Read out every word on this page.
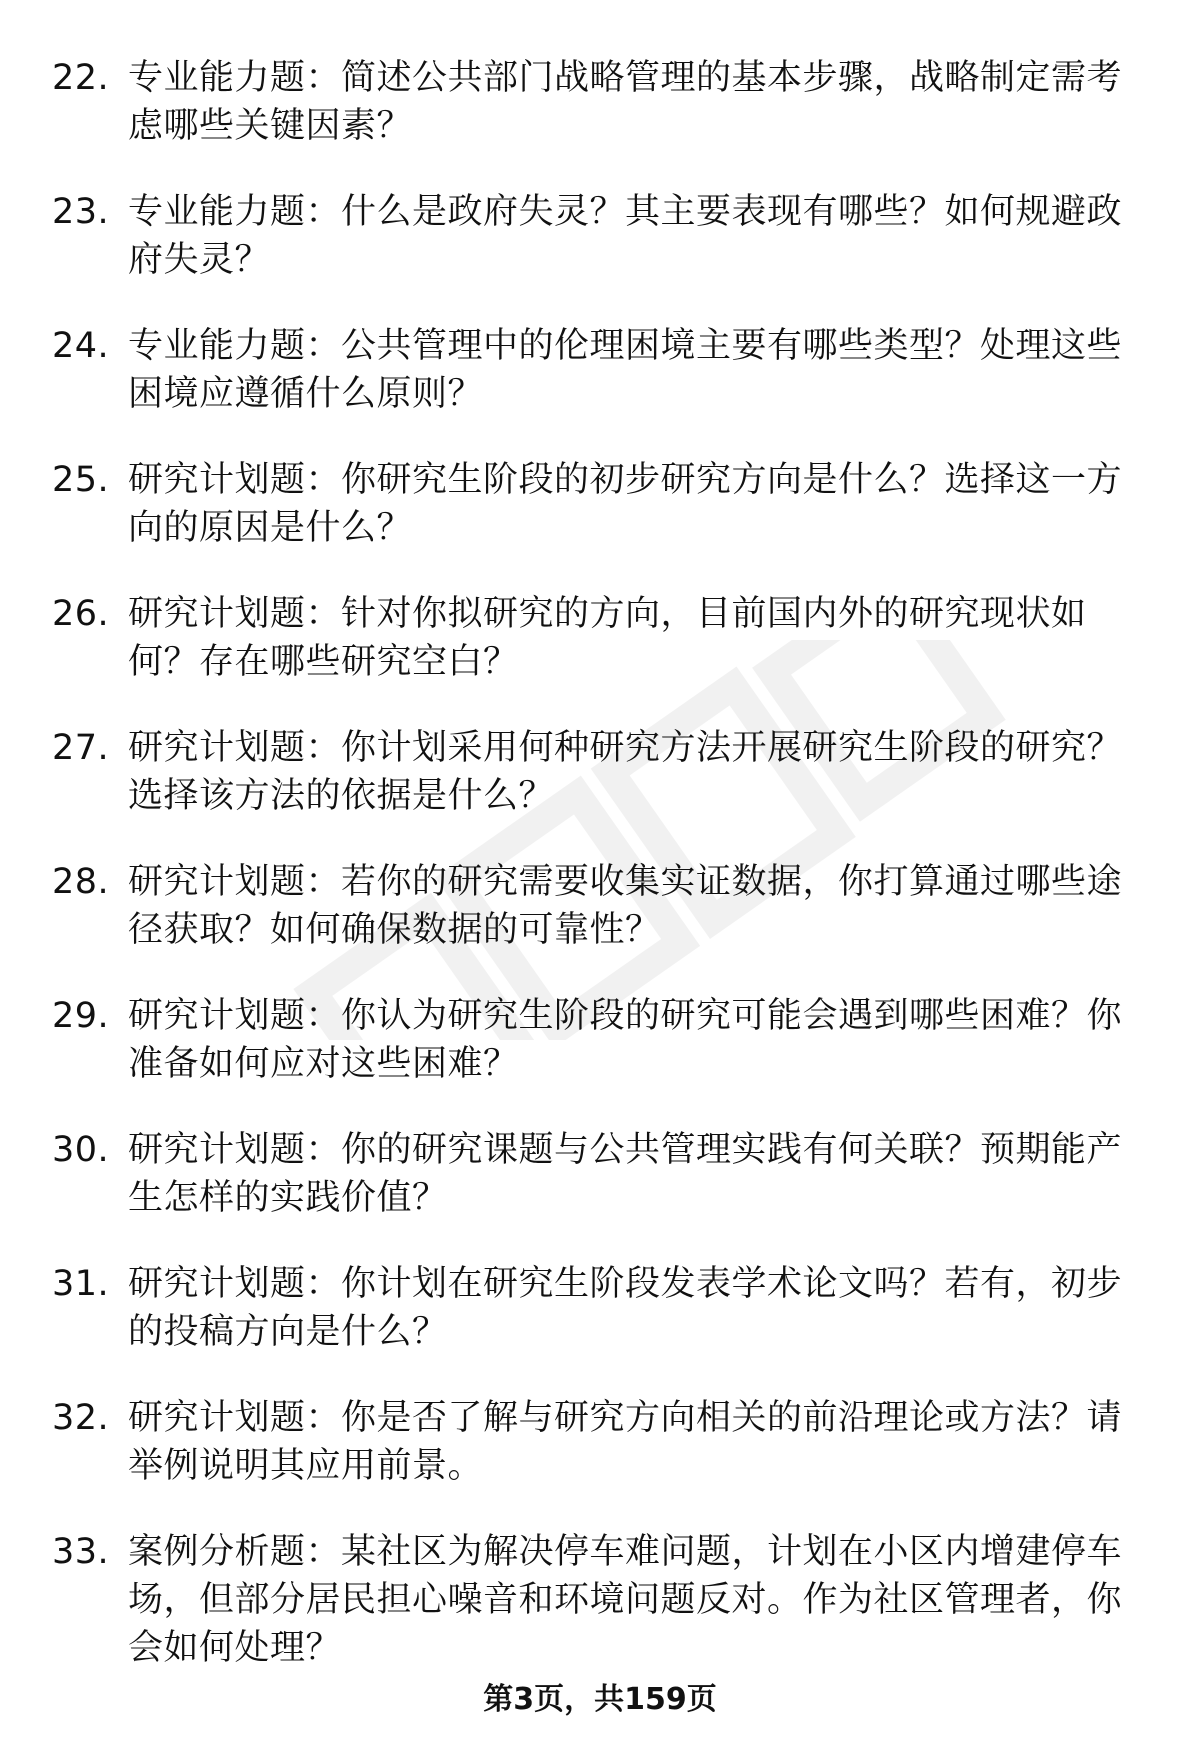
22. 专业能力题：简述公共部门战略管理的基本步骤，战略制定需考虑哪些关键因素？
23. 专业能力题：什么是政府失灵？其主要表现有哪些？如何规避政府失灵？
24. 专业能力题：公共管理中的伦理困境主要有哪些类型？处理这些困境应遵循什么原则？
25. 研究计划题：你研究生阶段的初步研究方向是什么？选择这一方向的原因是什么？
26. 研究计划题：针对你拟研究的方向，目前国内外的研究现状如何？存在哪些研究空白？
27. 研究计划题：你计划采用何种研究方法开展研究生阶段的研究？选择该方法的依据是什么？
28. 研究计划题：若你的研究需要收集实证数据，你打算通过哪些途径获取？如何确保数据的可靠性？
29. 研究计划题：你认为研究生阶段的研究可能会遇到哪些困难？你准备如何应对这些困难？
30. 研究计划题：你的研究课题与公共管理实践有何关联？预期能产生怎样的实践价值？
31. 研究计划题：你计划在研究生阶段发表学术论文吗？若有，初步的投稿方向是什么？
32. 研究计划题：你是否了解与研究方向相关的前沿理论或方法？请举例说明其应用前景。
33. 案例分析题：某社区为解决停车难问题，计划在小区内增建停车场，但部分居民担心噪音和环境问题反对。作为社区管理者，你会如何处理？
第3页，共159页
